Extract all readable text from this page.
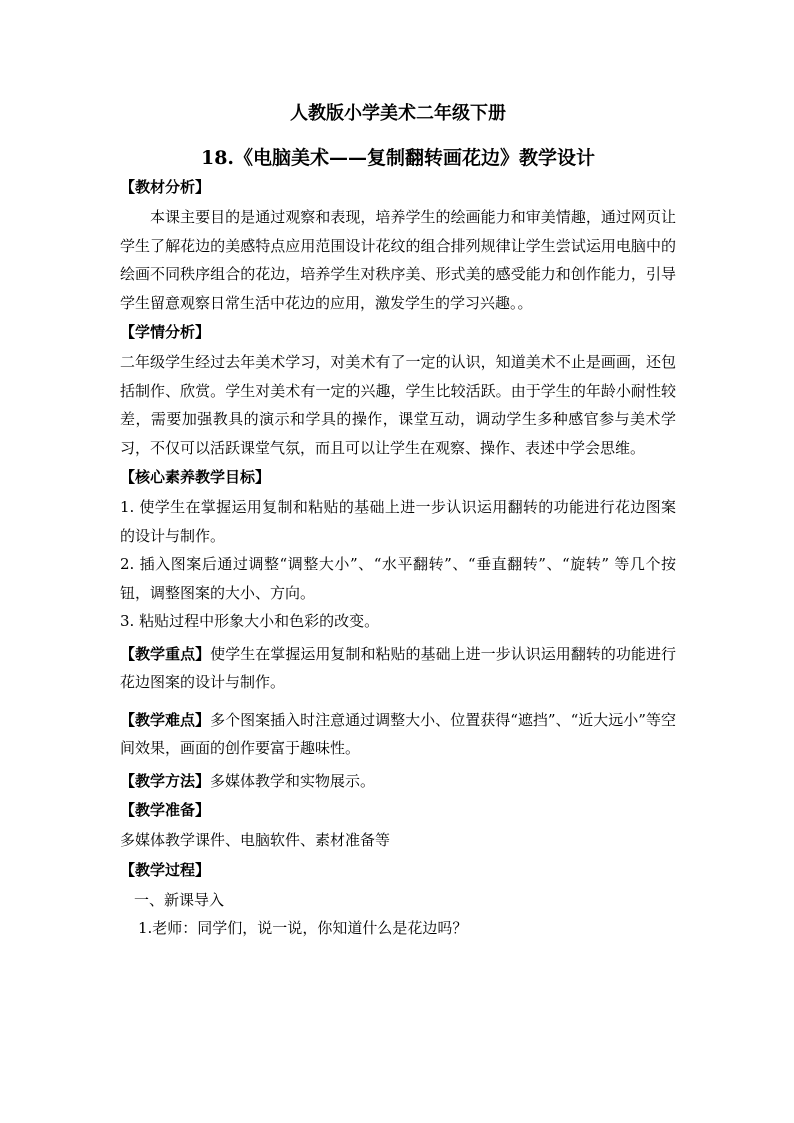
人教版小学美术二年级下册

18.《电脑美术——复制翻转画花边》教学设计

【教材分析】

本课主要目的是通过观察和表现，培养学生的绘画能力和审美情趣，通过网页让学生了解花边的美感特点应用范围设计花纹的组合排列规律让学生尝试运用电脑中的绘画不同秩序组合的花边，培养学生对秩序美、形式美的感受能力和创作能力，引导学生留意观察日常生活中花边的应用，激发学生的学习兴趣。。

【学情分析】

二年级学生经过去年美术学习，对美术有了一定的认识，知道美术不止是画画，还包括制作、欣赏。学生对美术有一定的兴趣，学生比较活跃。由于学生的年龄小耐性较差，需要加强教具的演示和学具的操作，课堂互动，调动学生多种感官参与美术学习，不仅可以活跃课堂气氛，而且可以让学生在观察、操作、表述中学会思维。

【核心素养教学目标】

1. 使学生在掌握运用复制和粘贴的基础上进一步认识运用翻转的功能进行花边图案的设计与制作。

2. 插入图案后通过调整“调整大小”、“水平翻转”、“垂直翻转”、“旋转” 等几个按钮，调整图案的大小、方向。

3. 粘贴过程中形象大小和色彩的改变。

【教学重点】使学生在掌握运用复制和粘贴的基础上进一步认识运用翻转的功能进行花边图案的设计与制作。

【教学难点】多个图案插入时注意通过调整大小、位置获得“遮挡”、“近大远小”等空间效果，画面的创作要富于趣味性。

【教学方法】多媒体教学和实物展示。

【教学准备】

多媒体教学课件、电脑软件、素材准备等

【教学过程】

一、新课导入

1.老师：同学们，说一说，你知道什么是花边吗？
